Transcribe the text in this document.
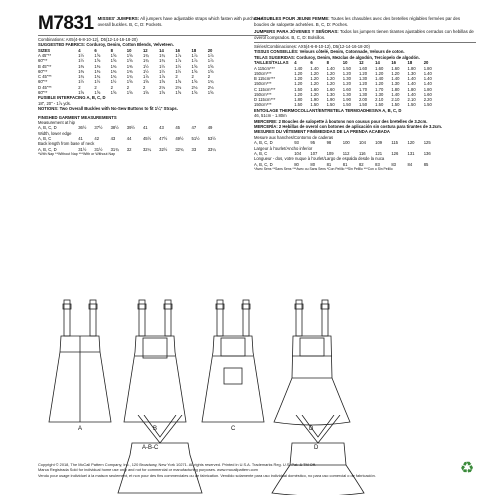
M7831 MISSES' JUMPERS: All jumpers have adjustable straps which fasten with purchased overall buckles. B, C, D: Pockets.
Combinations: AX5(4-6-8-10-12), D5(12-14-16-18-20)
SUGGESTED FABRICS: Corduroy, Denim, Cotton Blends, Velveteen.
SIZES	4	6	8	10	12	14	16	18	20
A 45"**	1½	1⅝	1⅝	1⅝	1¾	1¾	1⅞	1⅞	1⅞
60"**	1½	1⅝	1⅝	1⅝	1¾	1¾	1⅞	1⅞	1⅞
B 45"**	1⅜	1⅜	1⅜	1⅜	1½	1½	1½	1⅝	1⅝
60"**	1⅜	1⅜	1⅜	1⅜	1½	1½	1½	1⅝	1⅝
C 45"**	1¾	1¾	1¾	1¾	1⅞	1⅞	2	2	2
60"**	1½	1½	1½	1⅝	1⅝	1⅝	1⅝	1⅝	1¾
D 45"**	2	2	2	2	2	2⅛	2⅛	2⅛	2⅛
60"**	1⅝	1⅝	1⅝	1⅝	1⅝	1⅝	1⅝	1⅝	1⅝
FUSIBLE INTERFACING A, B, C, D
18", 20" - 1⅞ yds.
NOTIONS: Two Overall Buckles with No-Sew Buttons to fit 1¼" Straps.
FINISHED GARMENT MEASUREMENTS
Measurement at hip
A, B, C, D	36½	37½	38½	39½	41	43	45	47	49
Width, lower edge
A, B, C	41	42	43	44	45½	47½	49½	51½	53½
Back length from base of neck
A, B, C, D	31½	31½	31¾	32	32¼	32½	32¾	33	33¼
*With Nap **Without Nap ***With or Without Nap
CHASUBLES POUR JEUNE FEMME: Toutes les chasubles avec des bretelles réglables fermées par des boucles de salopette achetées. B, C, D: Poches.
JUMPERS PARA JÓVENES Y SEÑORAS: Todos los jumpers tienen tirantes ajustables cerrados con hebillas de overol comprados. B, C, D: Bolsillos.
Séries/Combinaciones: AX5(4-6-8-10-12), D5(12-14-16-18-20)
TISSUS CONSEILLÉS: Velours côtelé, Denim, Cotonnade, Velours de coton.
TELAS SUGERIDAS: Corduroy, Denim, Mezclas de algodón, Terciopelo de algodón.
TAILLES/TALLAS	4	6	8	10	12	14	16	18	20
A 115cm***	1.40	1.40	1.40	1.50	1.60	1.60	1.60	1.80	1.80
150cm***	1.20	1.20	1.20	1.20	1.20	1.20	1.20	1.30	1.40
B 115cm***	1.20	1.20	1.20	1.30	1.30	1.40	1.40	1.40	1.40
150cm***	1.20	1.20	1.20	1.20	1.20	1.20	1.30	1.40	1.40
C 115cm***	1.50	1.60	1.60	1.60	1.70	1.70	1.80	1.80	1.80
150cm***	1.20	1.20	1.30	1.30	1.30	1.30	1.40	1.40	1.60
D 115cm***	1.80	1.90	1.90	1.90	2.00	2.10	2.10	2.10	2.20
150cm***	1.50	1.50	1.50	1.50	1.50	1.50	1.50	1.50	1.50
ENTOILAGE THERMOCOLLANT/ENTRETELA TERMOADHESIVA A, B, C, D
46, 51cm - 1.80m
MERCERIE: 2 Boucles de salopette à boutons non cousus pour des bretelles de 3.2cm.
MERCERÍA: 2 Hebillas de overol con botones de aplicación sin costura para tirantes de 3.2cm.
MESURES DU VÊTEMENT FINI/MEDIDAS DE LA PRENDA ACABADA
Mesure aux hanches/Contorno de caderas
A, B, C, D	93	95	98	100	104	109	115	120	125
Largeur à l'ourlet/Ancho inferior
A, B, C	104	107	109	112	116	121	126	131	136
Longueur - dos, votre nuque à l'ourlet/Largo de espalda desde la nuca
A, B, C, D	80	80	81	81	82	83	83	84	85
*Avec Sens **Sans Sens ***Avec ou Sans Sens *Con Pelillo **Sin Pelillo ***Con o Sin Pelillo
A	B	C	D
A-B-C	D
Copyright © 2018, The McCall Pattern Company, Inc., 120 Broadway, New York 10271. All rights reserved. Printed in U.S.A. Trademarks Reg. U.S. Pat. & TM Off.
Marca Registrada Sold for individual home use only and not for commercial or manufacturing purposes. www.mccallpattern.com
Vendu pour usage individuel à la maison seulement, et non pour des fins commerciales ou de fabrication. Vendido solamente para uso individual doméstico, no para uso comercial o de fabricación.	♻
